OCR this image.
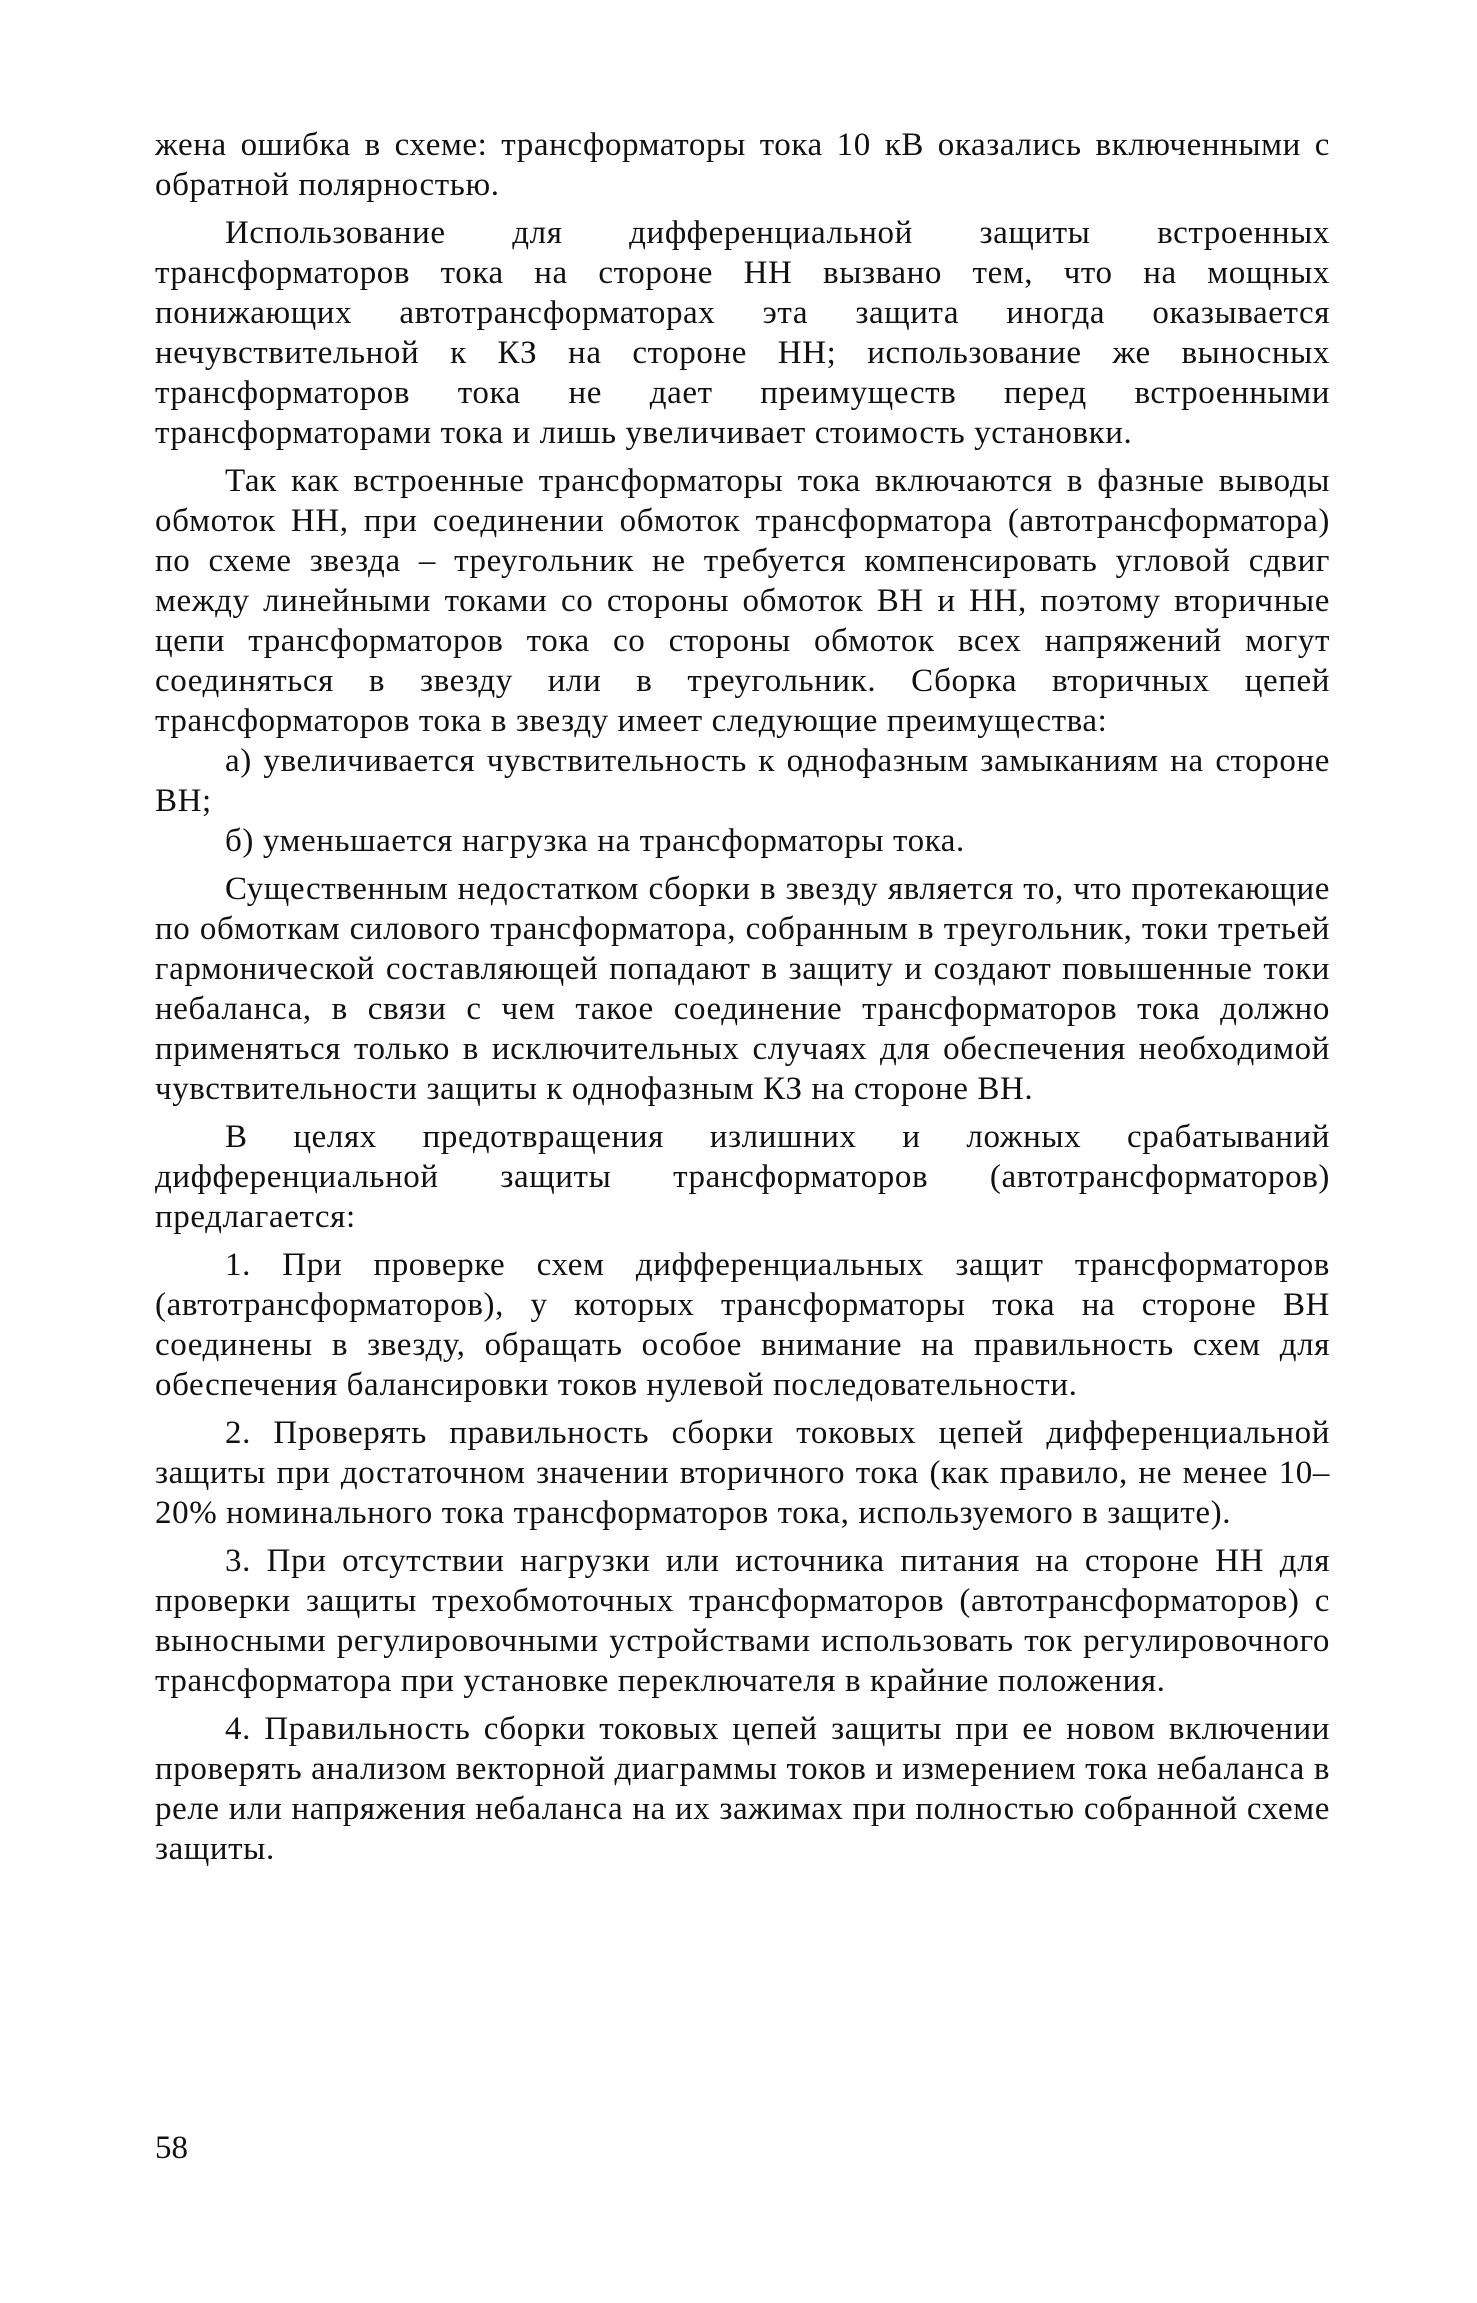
жена ошибка в схеме: трансформаторы тока 10 кВ оказались включенными с обратной полярностью.

Использование для дифференциальной защиты встроенных трансформаторов тока на стороне НН вызвано тем, что на мощных понижающих автотрансформаторах эта защита иногда оказывается нечувствительной к КЗ на стороне НН; использование же выносных трансформаторов тока не дает преимуществ перед встроенными трансформаторами тока и лишь увеличивает стоимость установки.

Так как встроенные трансформаторы тока включаются в фазные выводы обмоток НН, при соединении обмоток трансформатора (автотрансформатора) по схеме звезда – треугольник не требуется компенсировать угловой сдвиг между линейными токами со стороны обмоток ВН и НН, поэтому вторичные цепи трансформаторов тока со стороны обмоток всех напряжений могут соединяться в звезду или в треугольник. Сборка вторичных цепей трансформаторов тока в звезду имеет следующие преимущества:

а) увеличивается чувствительность к однофазным замыканиям на стороне ВН;

б) уменьшается нагрузка на трансформаторы тока.

Существенным недостатком сборки в звезду является то, что протекающие по обмоткам силового трансформатора, собранным в треугольник, токи третьей гармонической составляющей попадают в защиту и создают повышенные токи небаланса, в связи с чем такое соединение трансформаторов тока должно применяться только в исключительных случаях для обеспечения необходимой чувствительности защиты к однофазным КЗ на стороне ВН.

В целях предотвращения излишних и ложных срабатываний дифференциальной защиты трансформаторов (автотрансформаторов) предлагается:

1. При проверке схем дифференциальных защит трансформаторов (автотрансформаторов), у которых трансформаторы тока на стороне ВН соединены в звезду, обращать особое внимание на правильность схем для обеспечения балансировки токов нулевой последовательности.

2. Проверять правильность сборки токовых цепей дифференциальной защиты при достаточном значении вторичного тока (как правило, не менее 10–20% номинального тока трансформаторов тока, используемого в защите).

3. При отсутствии нагрузки или источника питания на стороне НН для проверки защиты трехобмоточных трансформаторов (автотрансформаторов) с выносными регулировочными устройствами использовать ток регулировочного трансформатора при установке переключателя в крайние положения.

4. Правильность сборки токовых цепей защиты при ее новом включении проверять анализом векторной диаграммы токов и измерением тока небаланса в реле или напряжения небаланса на их зажимах при полностью собранной схеме защиты.

58
